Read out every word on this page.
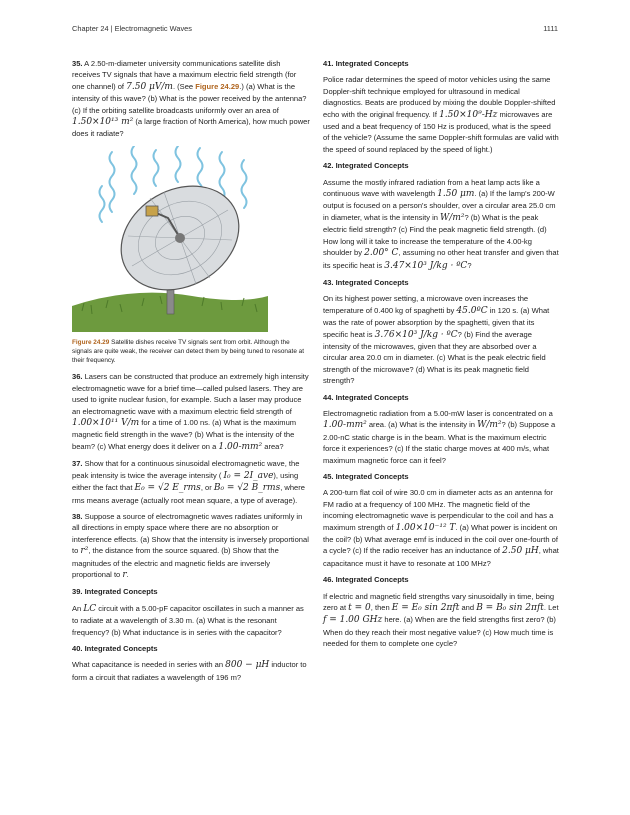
Chapter 24 | Electromagnetic Waves	1111

35. A 2.50-m-diameter university communications satellite dish receives TV signals that have a maximum electric field strength (for one channel) of 7.50 μV/m. (See Figure 24.29.) (a) What is the intensity of this wave? (b) What is the power received by the antenna? (c) If the orbiting satellite broadcasts uniformly over an area of 1.50×10¹³ m² (a large fraction of North America), how much power does it radiate?

Figure 24.29 Satellite dishes receive TV signals sent from orbit. Although the signals are quite weak, the receiver can detect them by being tuned to resonate at their frequency.

36. Lasers can be constructed that produce an extremely high intensity electromagnetic wave for a brief time—called pulsed lasers. They are used to ignite nuclear fusion, for example. Such a laser may produce an electromagnetic wave with a maximum electric field strength of 1.00×10¹¹ V/m for a time of 1.00 ns. (a) What is the maximum magnetic field strength in the wave? (b) What is the intensity of the beam? (c) What energy does it deliver on a 1.00-mm² area?

37. Show that for a continuous sinusoidal electromagnetic wave, the peak intensity is twice the average intensity ( I₀ = 2I_ave), using either the fact that E₀ = √2 E_rms, or B₀ = √2 B_rms, where rms means average (actually root mean square, a type of average).

38. Suppose a source of electromagnetic waves radiates uniformly in all directions in empty space where there are no absorption or interference effects. (a) Show that the intensity is inversely proportional to r², the distance from the source squared. (b) Show that the magnitudes of the electric and magnetic fields are inversely proportional to r.

39. Integrated Concepts

An LC circuit with a 5.00-pF capacitor oscillates in such a manner as to radiate at a wavelength of 3.30 m. (a) What is the resonant frequency? (b) What inductance is in series with the capacitor?

40. Integrated Concepts

What capacitance is needed in series with an 800 − μH inductor to form a circuit that radiates a wavelength of 196 m?

41. Integrated Concepts

Police radar determines the speed of motor vehicles using the same Doppler-shift technique employed for ultrasound in medical diagnostics. Beats are produced by mixing the double Doppler-shifted echo with the original frequency. If 1.50×10⁹-Hz microwaves are used and a beat frequency of 150 Hz is produced, what is the speed of the vehicle? (Assume the same Doppler-shift formulas are valid with the speed of sound replaced by the speed of light.)

42. Integrated Concepts

Assume the mostly infrared radiation from a heat lamp acts like a continuous wave with wavelength 1.50 μm. (a) If the lamp's 200-W output is focused on a person's shoulder, over a circular area 25.0 cm in diameter, what is the intensity in W/m²? (b) What is the peak electric field strength? (c) Find the peak magnetic field strength. (d) How long will it take to increase the temperature of the 4.00-kg shoulder by 2.00° C, assuming no other heat transfer and given that its specific heat is 3.47×10³ J/kg · ºC?

43. Integrated Concepts

On its highest power setting, a microwave oven increases the temperature of 0.400 kg of spaghetti by 45.0ºC in 120 s. (a) What was the rate of power absorption by the spaghetti, given that its specific heat is 3.76×10³ J/kg · ºC? (b) Find the average intensity of the microwaves, given that they are absorbed over a circular area 20.0 cm in diameter. (c) What is the peak electric field strength of the microwave? (d) What is its peak magnetic field strength?

44. Integrated Concepts

Electromagnetic radiation from a 5.00-mW laser is concentrated on a 1.00-mm² area. (a) What is the intensity in W/m²? (b) Suppose a 2.00-nC static charge is in the beam. What is the maximum electric force it experiences? (c) If the static charge moves at 400 m/s, what maximum magnetic force can it feel?

45. Integrated Concepts

A 200-turn flat coil of wire 30.0 cm in diameter acts as an antenna for FM radio at a frequency of 100 MHz. The magnetic field of the incoming electromagnetic wave is perpendicular to the coil and has a maximum strength of 1.00×10⁻¹² T. (a) What power is incident on the coil? (b) What average emf is induced in the coil over one-fourth of a cycle? (c) If the radio receiver has an inductance of 2.50 μH, what capacitance must it have to resonate at 100 MHz?

46. Integrated Concepts

If electric and magnetic field strengths vary sinusoidally in time, being zero at t = 0, then E = E₀ sin 2πft and B = B₀ sin 2πft. Let f = 1.00 GHz here. (a) When are the field strengths first zero? (b) When do they reach their most negative value? (c) How much time is needed for them to complete one cycle?
